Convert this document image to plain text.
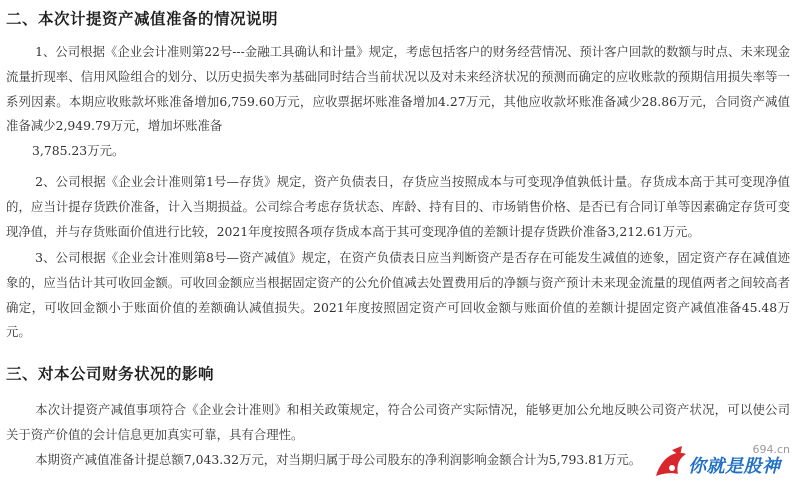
二、本次计提资产减值准备的情况说明

1、公司根据《企业会计准则第22号---金融工具确认和计量》规定，考虑包括客户的财务经营情况、预计客户回款的数额与时点、未来现金流量折现率、信用风险组合的划分、以历史损失率为基础同时结合当前状况以及对未来经济状况的预测而确定的应收账款的预期信用损失率等一系列因素。本期应收账款坏账准备增加6,759.60万元，应收票据坏账准备增加4.27万元，其他应收款坏账准备减少28.86万元，合同资产减值准备减少2,949.79万元，增加坏账准备

3,785.23万元。

2、公司根据《企业会计准则第1号—存货》规定，资产负债表日，存货应当按照成本与可变现净值孰低计量。存货成本高于其可变现净值的，应当计提存货跌价准备，计入当期损益。公司综合考虑存货状态、库龄、持有目的、市场销售价格、是否已有合同订单等因素确定存货可变现净值，并与存货账面价值进行比较，2021年度按照各项存货成本高于其可变现净值的差额计提存货跌价准备3,212.61万元。

3、公司根据《企业会计准则第8号—资产减值》规定，在资产负债表日应当判断资产是否存在可能发生减值的迹象，固定资产存在减值迹象的，应当估计其可收回金额。可收回金额应当根据固定资产的公允价值减去处置费用后的净额与资产预计未来现金流量的现值两者之间较高者确定，可收回金额小于账面价值的差额确认减值损失。2021年度按照固定资产可回收金额与账面价值的差额计提固定资产减值准备45.48万元。

三、对本公司财务状况的影响

本次计提资产减值事项符合《企业会计准则》和相关政策规定，符合公司资产实际情况，能够更加公允地反映公司资产状况，可以使公司关于资产价值的会计信息更加真实可靠，具有合理性。

本期资产减值准备计提总额7,043.32万元，对当期归属于母公司股东的净利润影响金额合计为5,793.81万元。

694.cn
你就是股神
